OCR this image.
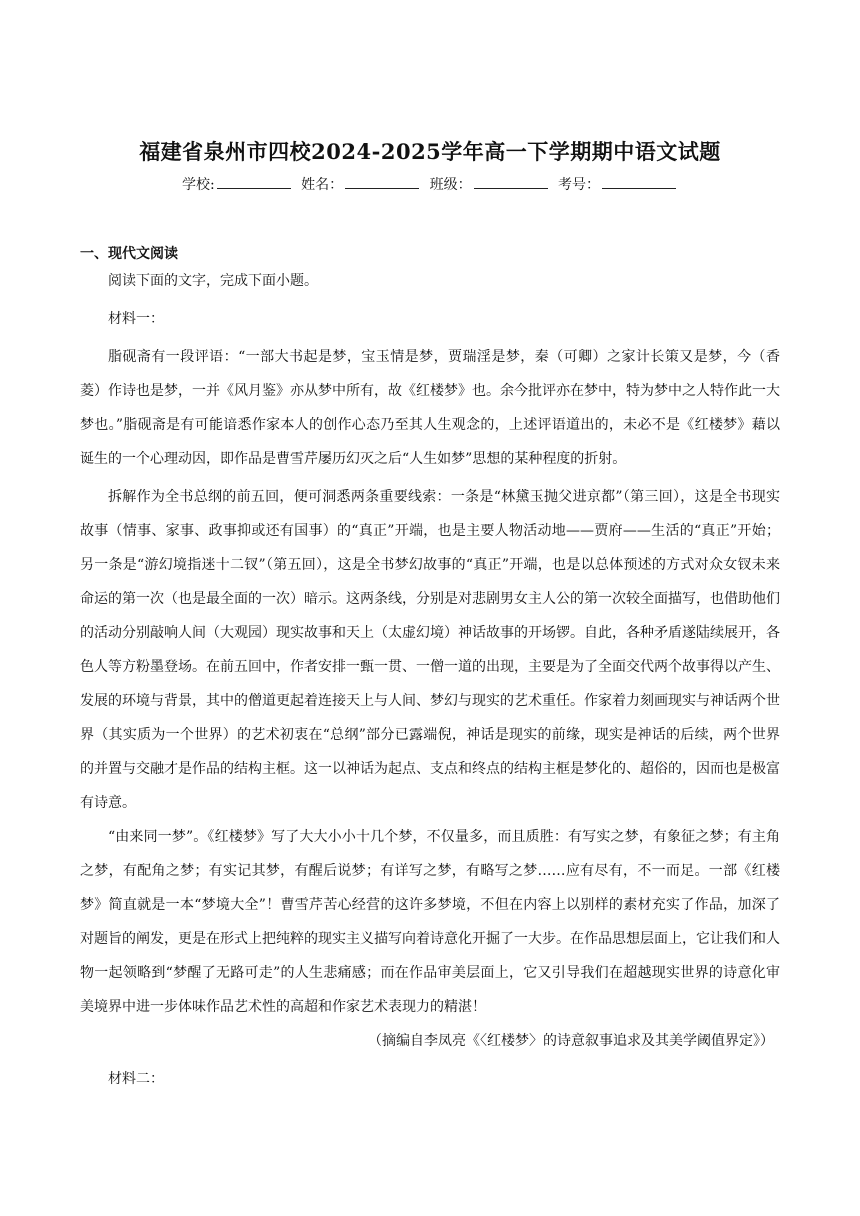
福建省泉州市四校2024-2025学年高一下学期期中语文试题
学校:	姓名：	班级：	考号：
一、现代文阅读

阅读下面的文字，完成下面小题。

材料一：

脂砚斋有一段评语：“一部大书起是梦，宝玉情是梦，贾瑞淫是梦，秦（可卿）之家计长策又是梦，今（香菱）作诗也是梦，一并《风月鉴》亦从梦中所有，故《红楼梦》也。余今批评亦在梦中，特为梦中之人特作此一大梦也。”脂砚斋是有可能谙悉作家本人的创作心态乃至其人生观念的，上述评语道出的，未必不是《红楼梦》藉以诞生的一个心理动因，即作品是曹雪芹屡历幻灭之后“人生如梦”思想的某种程度的折射。

拆解作为全书总纲的前五回，便可洞悉两条重要线索：一条是“林黛玉抛父进京都”（第三回），这是全书现实故事（情事、家事、政事抑或还有国事）的“真正”开端，也是主要人物活动地——贾府——生活的“真正”开始；另一条是“游幻境指迷十二钗”（第五回），这是全书梦幻故事的“真正”开端，也是以总体预述的方式对众女钗未来命运的第一次（也是最全面的一次）暗示。这两条线，分别是对悲剧男女主人公的第一次较全面描写，也借助他们的活动分别敲响人间（大观园）现实故事和天上（太虚幻境）神话故事的开场锣。自此，各种矛盾遂陆续展开，各色人等方粉墨登场。在前五回中，作者安排一甄一贯、一僧一道的出现，主要是为了全面交代两个故事得以产生、发展的环境与背景，其中的僧道更起着连接天上与人间、梦幻与现实的艺术重任。作家着力刻画现实与神话两个世界（其实质为一个世界）的艺术初衷在“总纲”部分已露端倪，神话是现实的前缘，现实是神话的后续，两个世界的并置与交融才是作品的结构主框。这一以神话为起点、支点和终点的结构主框是梦化的、超俗的，因而也是极富有诗意。

“由来同一梦”。《红楼梦》写了大大小小十几个梦，不仅量多，而且质胜：有写实之梦，有象征之梦；有主角之梦，有配角之梦；有实记其梦，有醒后说梦；有详写之梦，有略写之梦……应有尽有，不一而足。一部《红楼梦》简直就是一本“梦境大全”！曹雪芹苦心经营的这许多梦境，不但在内容上以别样的素材充实了作品，加深了对题旨的阐发，更是在形式上把纯粹的现实主义描写向着诗意化开掘了一大步。在作品思想层面上，它让我们和人物一起领略到“梦醒了无路可走”的人生悲痛感；而在作品审美层面上，它又引导我们在超越现实世界的诗意化审美境界中进一步体味作品艺术性的高超和作家艺术表现力的精湛！

（摘编自李凤亮《〈红楼梦〉的诗意叙事追求及其美学阈值界定》）

材料二：
